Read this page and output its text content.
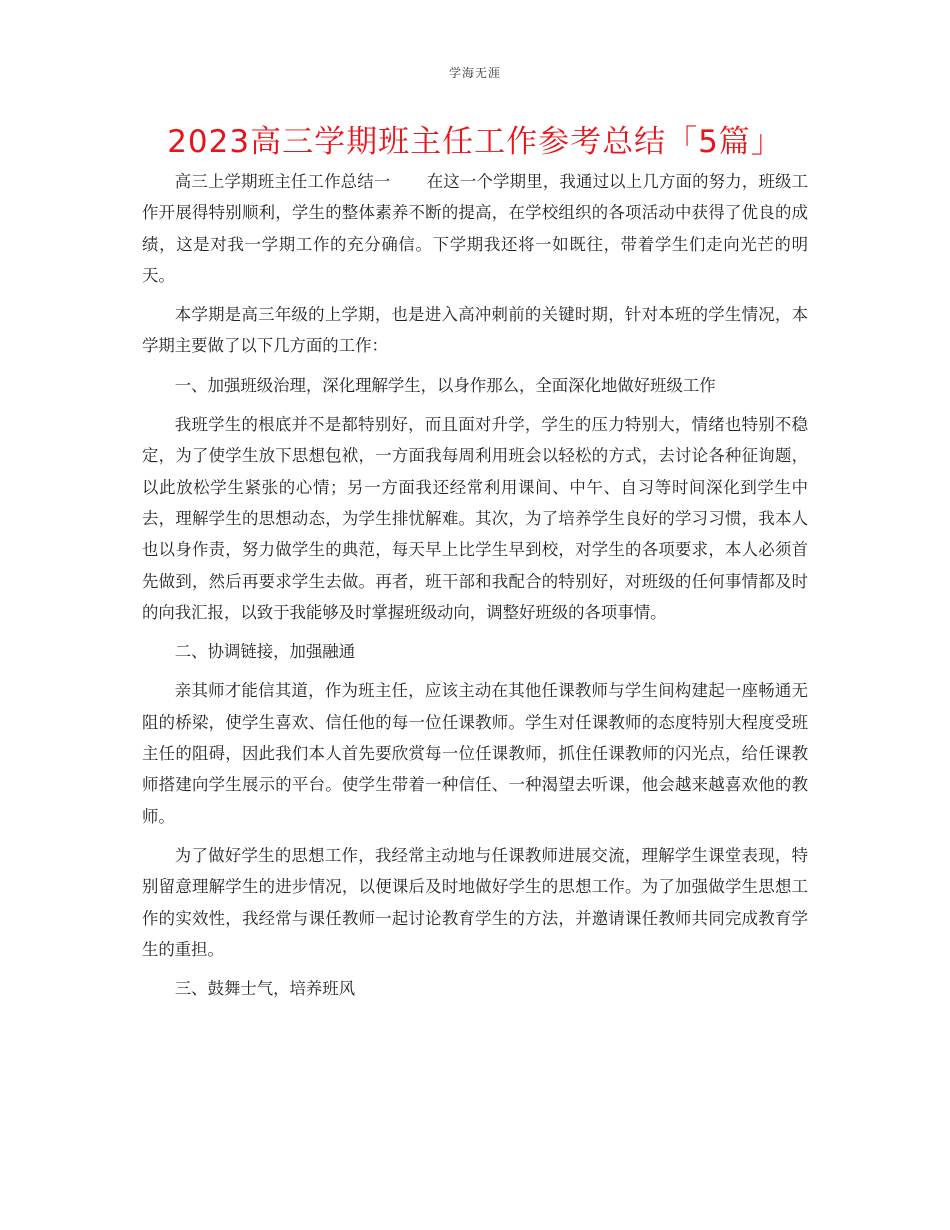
学海无涯
2023高三学期班主任工作参考总结「5篇」

高三上学期班主任工作总结一 在这一个学期里，我通过以上几方面的努力，班级工作开展得特别顺利，学生的整体素养不断的提高，在学校组织的各项活动中获得了优良的成绩，这是对我一学期工作的充分确信。下学期我还将一如既往，带着学生们走向光芒的明天。

本学期是高三年级的上学期，也是进入高冲刺前的关键时期，针对本班的学生情况，本学期主要做了以下几方面的工作：

一、加强班级治理，深化理解学生，以身作那么，全面深化地做好班级工作

我班学生的根底并不是都特别好，而且面对升学，学生的压力特别大，情绪也特别不稳定，为了使学生放下思想包袱，一方面我每周利用班会以轻松的方式，去讨论各种征询题，以此放松学生紧张的心情；另一方面我还经常利用课间、中午、自习等时间深化到学生中去，理解学生的思想动态，为学生排忧解难。其次，为了培养学生良好的学习习惯，我本人也以身作责，努力做学生的典范，每天早上比学生早到校，对学生的各项要求，本人必须首先做到，然后再要求学生去做。再者，班干部和我配合的特别好，对班级的任何事情都及时的向我汇报，以致于我能够及时掌握班级动向，调整好班级的各项事情。

二、协调链接，加强融通

亲其师才能信其道，作为班主任，应该主动在其他任课教师与学生间构建起一座畅通无阻的桥梁，使学生喜欢、信任他的每一位任课教师。学生对任课教师的态度特别大程度受班主任的阻碍，因此我们本人首先要欣赏每一位任课教师，抓住任课教师的闪光点，给任课教师搭建向学生展示的平台。使学生带着一种信任、一种渴望去听课，他会越来越喜欢他的教师。

为了做好学生的思想工作，我经常主动地与任课教师进展交流，理解学生课堂表现，特别留意理解学生的进步情况，以便课后及时地做好学生的思想工作。为了加强做学生思想工作的实效性，我经常与课任教师一起讨论教育学生的方法，并邀请课任教师共同完成教育学生的重担。

三、鼓舞士气，培养班风
